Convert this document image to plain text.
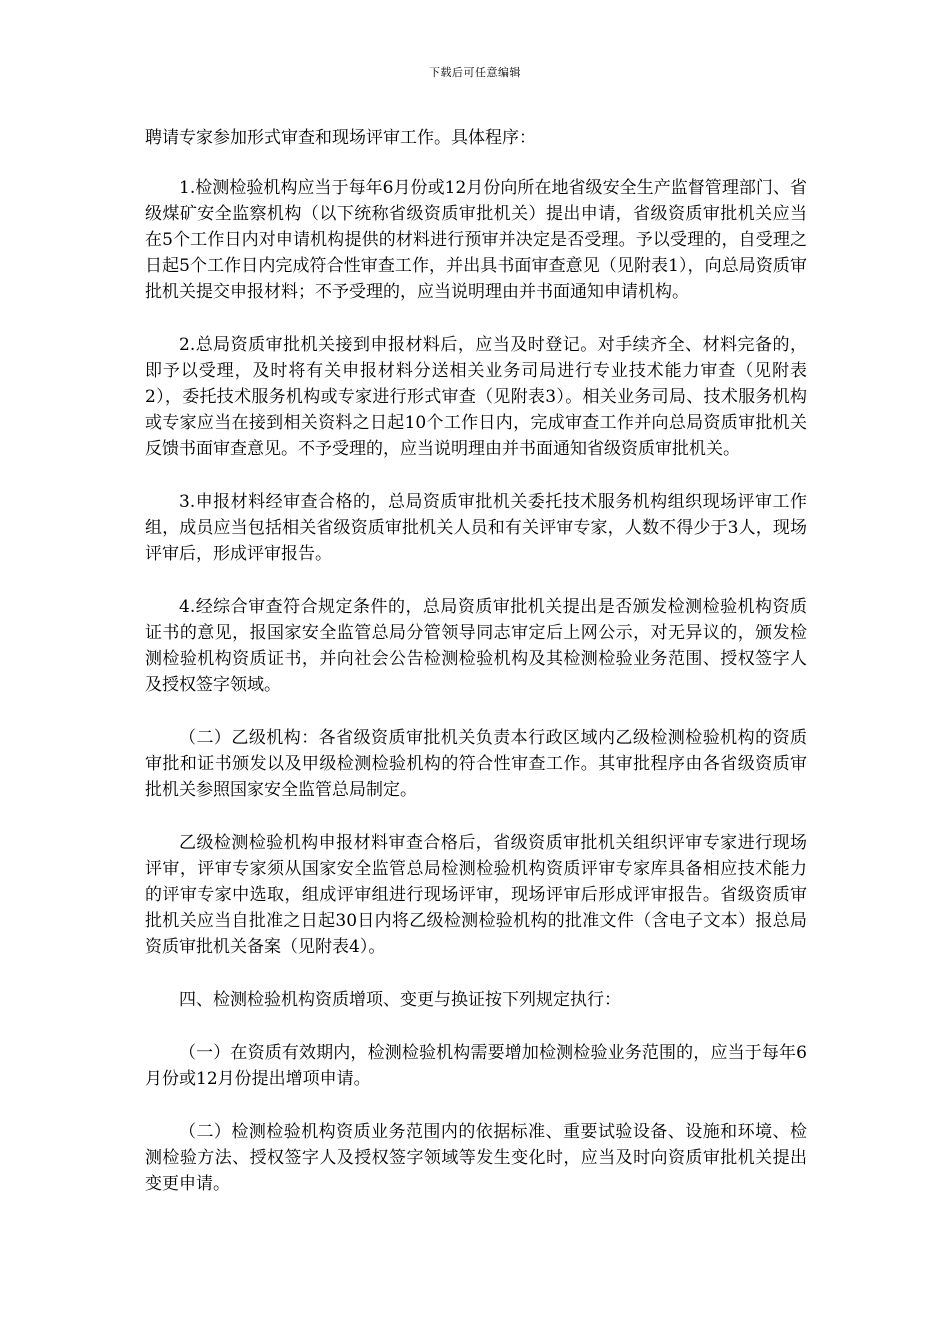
下载后可任意编辑

聘请专家参加形式审查和现场评审工作。具体程序：

1.检测检验机构应当于每年6月份或12月份向所在地省级安全生产监督管理部门、省级煤矿安全监察机构（以下统称省级资质审批机关）提出申请，省级资质审批机关应当在5个工作日内对申请机构提供的材料进行预审并决定是否受理。予以受理的，自受理之日起5个工作日内完成符合性审查工作，并出具书面审查意见（见附表1），向总局资质审批机关提交申报材料；不予受理的，应当说明理由并书面通知申请机构。

2.总局资质审批机关接到申报材料后，应当及时登记。对手续齐全、材料完备的，即予以受理，及时将有关申报材料分送相关业务司局进行专业技术能力审查（见附表2），委托技术服务机构或专家进行形式审查（见附表3）。相关业务司局、技术服务机构或专家应当在接到相关资料之日起10个工作日内，完成审查工作并向总局资质审批机关反馈书面审查意见。不予受理的，应当说明理由并书面通知省级资质审批机关。

3.申报材料经审查合格的，总局资质审批机关委托技术服务机构组织现场评审工作组，成员应当包括相关省级资质审批机关人员和有关评审专家，人数不得少于3人，现场评审后，形成评审报告。

4.经综合审查符合规定条件的，总局资质审批机关提出是否颁发检测检验机构资质证书的意见，报国家安全监管总局分管领导同志审定后上网公示，对无异议的，颁发检测检验机构资质证书，并向社会公告检测检验机构及其检测检验业务范围、授权签字人及授权签字领域。

（二）乙级机构：各省级资质审批机关负责本行政区域内乙级检测检验机构的资质审批和证书颁发以及甲级检测检验机构的符合性审查工作。其审批程序由各省级资质审批机关参照国家安全监管总局制定。

乙级检测检验机构申报材料审查合格后，省级资质审批机关组织评审专家进行现场评审，评审专家须从国家安全监管总局检测检验机构资质评审专家库具备相应技术能力的评审专家中选取，组成评审组进行现场评审，现场评审后形成评审报告。省级资质审批机关应当自批准之日起30日内将乙级检测检验机构的批准文件（含电子文本）报总局资质审批机关备案（见附表4）。

四、检测检验机构资质增项、变更与换证按下列规定执行：

（一）在资质有效期内，检测检验机构需要增加检测检验业务范围的，应当于每年6月份或12月份提出增项申请。

（二）检测检验机构资质业务范围内的依据标准、重要试验设备、设施和环境、检测检验方法、授权签字人及授权签字领域等发生变化时，应当及时向资质审批机关提出变更申请。
